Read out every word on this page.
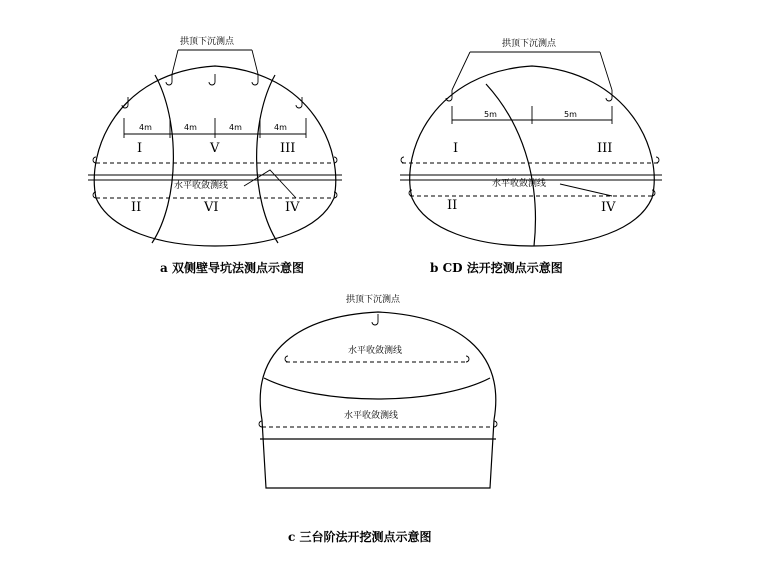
拱顶下沉测点
4m	4m	4m	4m
I	V	III
II	VI	IV
水平收敛测线
a 双侧壁导坑法测点示意图
拱顶下沉测点
5m	5m
I	III
II	IV
水平收敛测线
b CD 法开挖测点示意图
拱顶下沉测点
水平收敛测线
水平收敛测线
c 三台阶法开挖测点示意图
